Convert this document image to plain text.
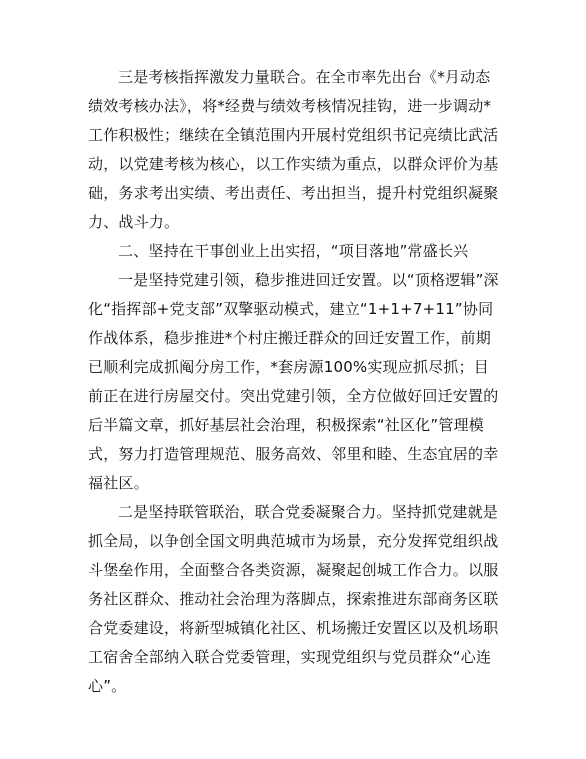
三是考核指挥激发力量联合。在全市率先出台《*月动态绩效考核办法》，将*经费与绩效考核情况挂钩，进一步调动*工作积极性；继续在全镇范围内开展村党组织书记亮绩比武活动，以党建考核为核心，以工作实绩为重点，以群众评价为基础，务求考出实绩、考出责任、考出担当，提升村党组织凝聚力、战斗力。

二、坚持在干事创业上出实招，“项目落地”常盛长兴

一是坚持党建引领，稳步推进回迁安置。以“顶格逻辑”深化“指挥部+党支部”双擎驱动模式，建立“1+1+7+11”协同作战体系，稳步推进*个村庄搬迁群众的回迁安置工作，前期已顺利完成抓阄分房工作，*套房源100%实现应抓尽抓；目前正在进行房屋交付。突出党建引领，全方位做好回迁安置的后半篇文章，抓好基层社会治理，积极探索“社区化”管理模式，努力打造管理规范、服务高效、邻里和睦、生态宜居的幸福社区。

二是坚持联管联治，联合党委凝聚合力。坚持抓党建就是抓全局，以争创全国文明典范城市为场景，充分发挥党组织战斗堡垒作用，全面整合各类资源，凝聚起创城工作合力。以服务社区群众、推动社会治理为落脚点，探索推进东部商务区联合党委建设，将新型城镇化社区、机场搬迁安置区以及机场职工宿舍全部纳入联合党委管理，实现党组织与党员群众“心连心”。
